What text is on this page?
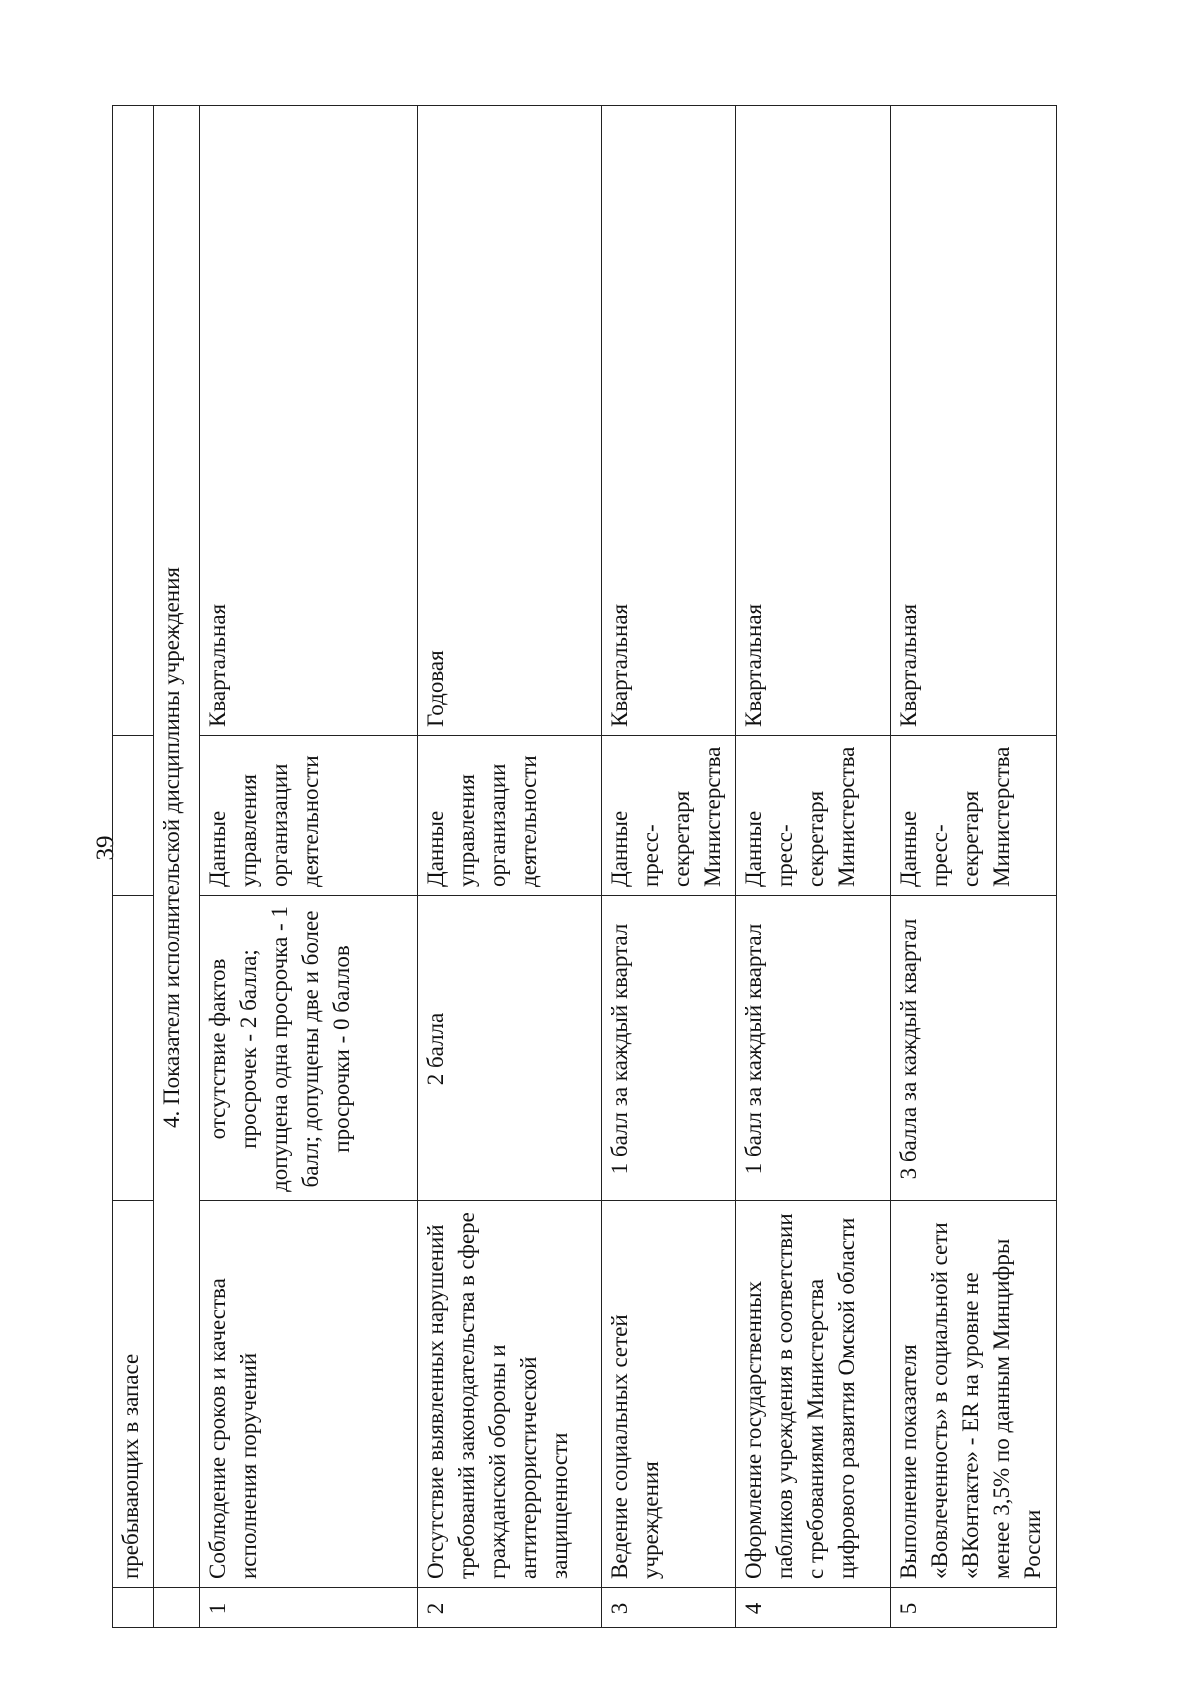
39
	пребывающих в запасе			
	4. Показатели исполнительской дисциплины учреждения			
1	Соблюдение сроков и качества исполнения поручений	отсутствие фактов просрочек - 2 балла; допущена одна просрочка - 1 балл; допущены две и более просрочки - 0 баллов	Данные управления организации деятельности	Квартальная
2	Отсутствие выявленных нарушений требований законодательства в сфере гражданской обороны и антитеррористической защищенности	2 балла	Данные управления организации деятельности	Годовая
3	Ведение социальных сетей учреждения	1 балл за каждый квартал	Данные пресс-секретаря Министерства	Квартальная
4	Оформление государственных пабликов учреждения в соответствии с требованиями Министерства цифрового развития Омской области	1 балл за каждый квартал	Данные пресс-секретаря Министерства	Квартальная
5	Выполнение показателя «Вовлеченность» в социальной сети «ВКонтакте» - ER на уровне не менее 3,5% по данным Минцифры России	3 балла за каждый квартал	Данные пресс-секретаря Министерства	Квартальная
